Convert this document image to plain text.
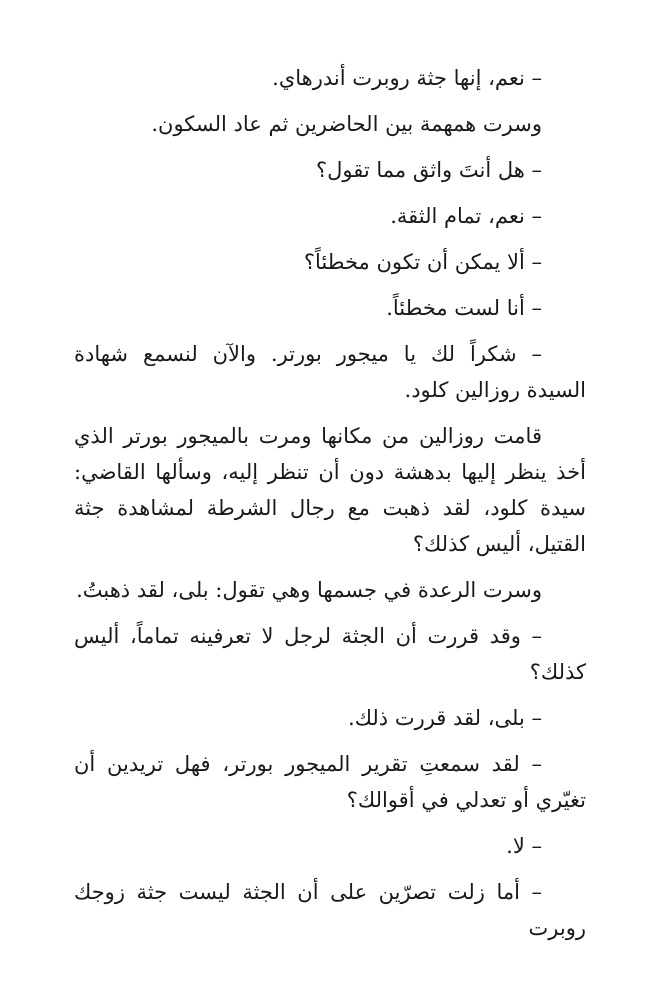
– نعم، إنها جثة روبرت أندرهاي.

وسرت همهمة بين الحاضرين ثم عاد السكون.

– هل أنتَ واثق مما تقول؟

– نعم، تمام الثقة.

– ألا يمكن أن تكون مخطئاً؟

– أنا لست مخطئاً.

– شكراً لك يا ميجور بورتر. والآن لنسمع شهادة السيدة روزالين كلود.

قامت روزالين من مكانها ومرت بالميجور بورتر الذي أخذ ينظر إليها بدهشة دون أن تنظر إليه، وسألها القاضي: سيدة كلود، لقد ذهبت مع رجال الشرطة لمشاهدة جثة القتيل، أليس كذلك؟

وسرت الرعدة في جسمها وهي تقول: بلى، لقد ذهبتُ.

– وقد قررت أن الجثة لرجل لا تعرفينه تماماً، أليس كذلك؟

– بلى، لقد قررت ذلك.

– لقد سمعتِ تقرير الميجور بورتر، فهل تريدين أن تغيّري أو تعدلي في أقوالك؟

– لا.

– أما زلت تصرّين على أن الجثة ليست جثة زوجك روبرت
